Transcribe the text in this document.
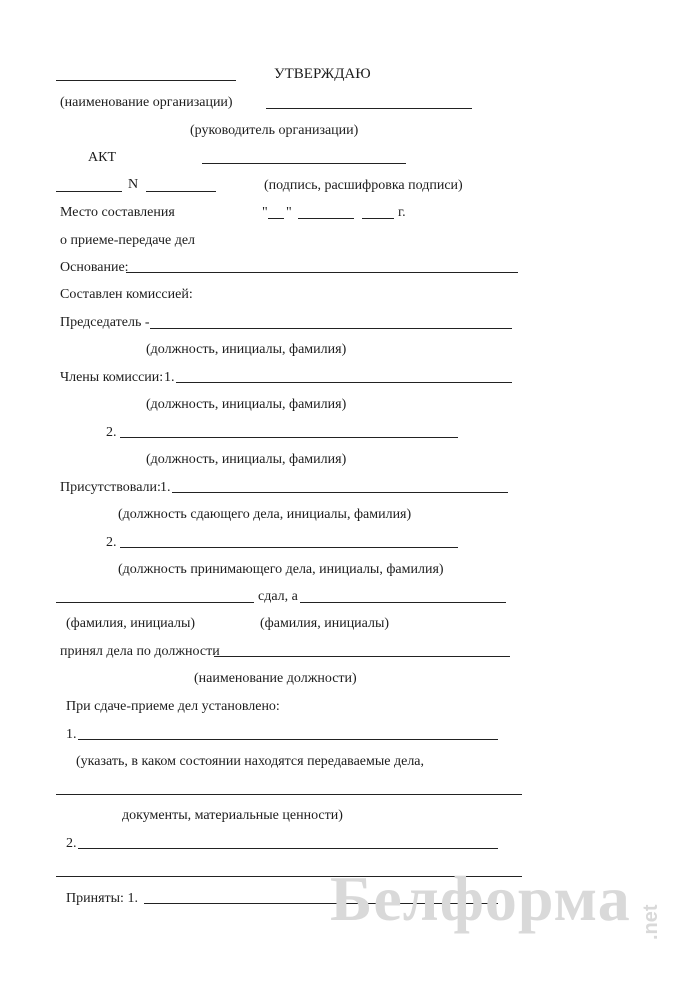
УТВЕРЖДАЮ
(наименование организации)
(руководитель организации)
АКТ
N	(подпись, расшифровка подписи)
Место составления	" "	г.
о приеме-передаче дел
Основание:
Составлен комиссией:
Председатель -
(должность, инициалы, фамилия)
Члены комиссии: 1.
(должность, инициалы, фамилия)
2.
(должность, инициалы, фамилия)
Присутствовали: 1.
(должность сдающего дела, инициалы, фамилия)
2.
(должность принимающего дела, инициалы, фамилия)
сдал, а
(фамилия, инициалы)	(фамилия, инициалы)
принял дела по должности
(наименование должности)
При сдаче-приеме дел установлено:
1.
(указать, в каком состоянии находятся передаваемые дела,
документы, материальные ценности)
2.
Приняты: 1.	Белформа .net
